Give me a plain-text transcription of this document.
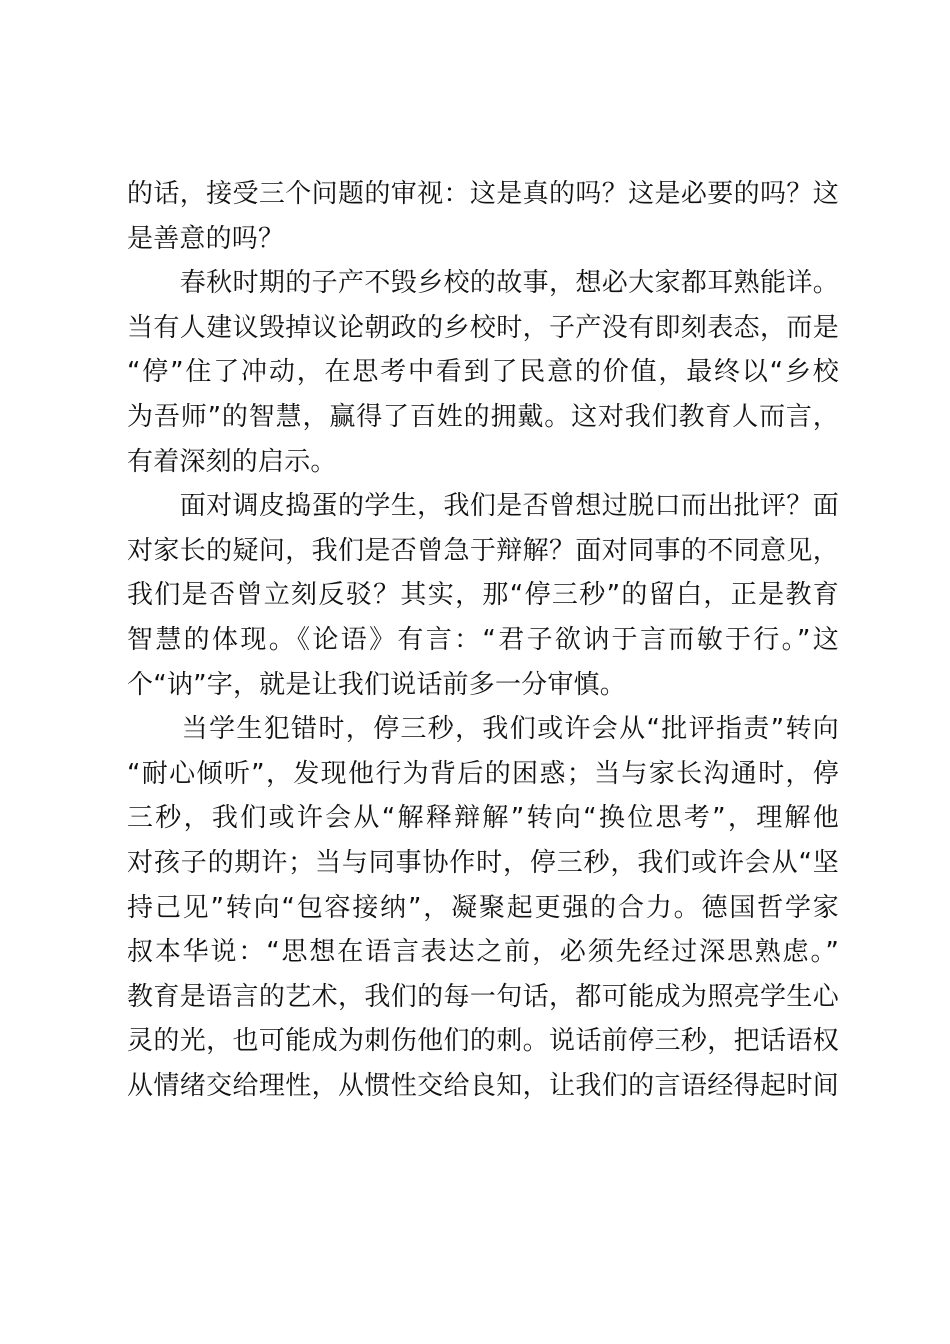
的话，接受三个问题的审视：这是真的吗？这是必要的吗？这
是善意的吗？
　　春秋时期的子产不毁乡校的故事，想必大家都耳熟能详。
当有人建议毁掉议论朝政的乡校时，子产没有即刻表态，而是
“停”住了冲动，在思考中看到了民意的价值，最终以“乡校
为吾师”的智慧，赢得了百姓的拥戴。这对我们教育人而言，
有着深刻的启示。
　　面对调皮捣蛋的学生，我们是否曾想过脱口而出批评？面
对家长的疑问，我们是否曾急于辩解？面对同事的不同意见，
我们是否曾立刻反驳？其实，那“停三秒”的留白，正是教育
智慧的体现。《论语》有言：“君子欲讷于言而敏于行。”这
个“讷”字，就是让我们说话前多一分审慎。
　　当学生犯错时，停三秒，我们或许会从“批评指责”转向
“耐心倾听”，发现他行为背后的困惑；当与家长沟通时，停
三秒，我们或许会从“解释辩解”转向“换位思考”，理解他
对孩子的期许；当与同事协作时，停三秒，我们或许会从“坚
持己见”转向“包容接纳”，凝聚起更强的合力。德国哲学家
叔本华说：“思想在语言表达之前，必须先经过深思熟虑。”
教育是语言的艺术，我们的每一句话，都可能成为照亮学生心
灵的光，也可能成为刺伤他们的刺。说话前停三秒，把话语权
从情绪交给理性，从惯性交给良知，让我们的言语经得起时间
